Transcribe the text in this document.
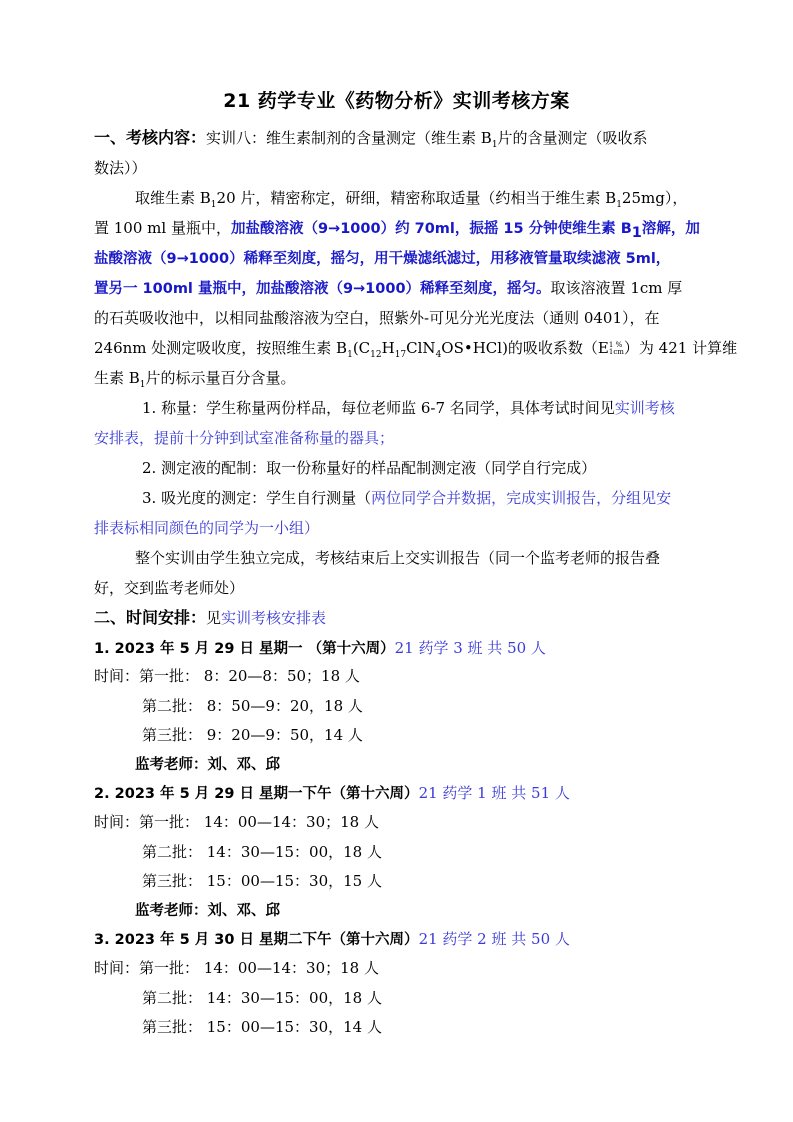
21 药学专业《药物分析》实训考核方案
一、考核内容：实训八：维生素制剂的含量测定（维生素 $B_1$片的含量测定（吸收系
数法））
取维生素 $B_120$ 片，精密称定，研细，精密称取适量（约相当于维生素 $B_125mg$），
置 100 ml 量瓶中，加盐酸溶液（9→1000）约 70ml，振摇 15 分钟使维生素 $B_1$溶解，加
盐酸溶液（9→1000）稀释至刻度，摇匀，用干燥滤纸滤过，用移液管量取续滤液 5ml，
置另一 100ml 量瓶中，加盐酸溶液（9→1000）稀释至刻度，摇匀。取该溶液置 1cm 厚
的石英吸收池中，以相同盐酸溶液为空白，照紫外-可见分光光度法（通则 0401），在
246nm 处测定吸收度，按照维生素 $B_1(C_{12}H_{17}ClN_4OS•HCl)$的吸收系数（E1 %
1cm）为 421 计算维
生素 $B_1$片的标示量百分含量。
1. 称量：学生称量两份样品，每位老师监 6-7 名同学，具体考试时间见实训考核
安排表，提前十分钟到试室准备称量的器具；
2. 测定液的配制：取一份称量好的样品配制测定液（同学自行完成）
3. 吸光度的测定：学生自行测量（两位同学合并数据，完成实训报告，分组见安
排表标相同颜色的同学为一小组）
整个实训由学生独立完成，考核结束后上交实训报告（同一个监考老师的报告叠
好，交到监考老师处）
二、时间安排：见实训考核安排表
1. 2023 年 5 月 29 日 星期一 （第十六周）21 药学 3 班 共 50 人
时间：第一批： 8：20—8：50；18 人
第二批： 8：50—9：20，18 人
第三批： 9：20—9：50，14 人
监考老师：刘、邓、邱
2. 2023 年 5 月 29 日 星期一下午（第十六周）21 药学 1 班 共 51 人
时间：第一批： 14：00—14：30；18 人
第二批： 14：30—15：00，18 人
第三批： 15：00—15：30，15 人
监考老师：刘、邓、邱
3. 2023 年 5 月 30 日 星期二下午（第十六周）21 药学 2 班 共 50 人
时间：第一批： 14：00—14：30；18 人
第二批： 14：30—15：00，18 人
第三批： 15：00—15：30，14 人
